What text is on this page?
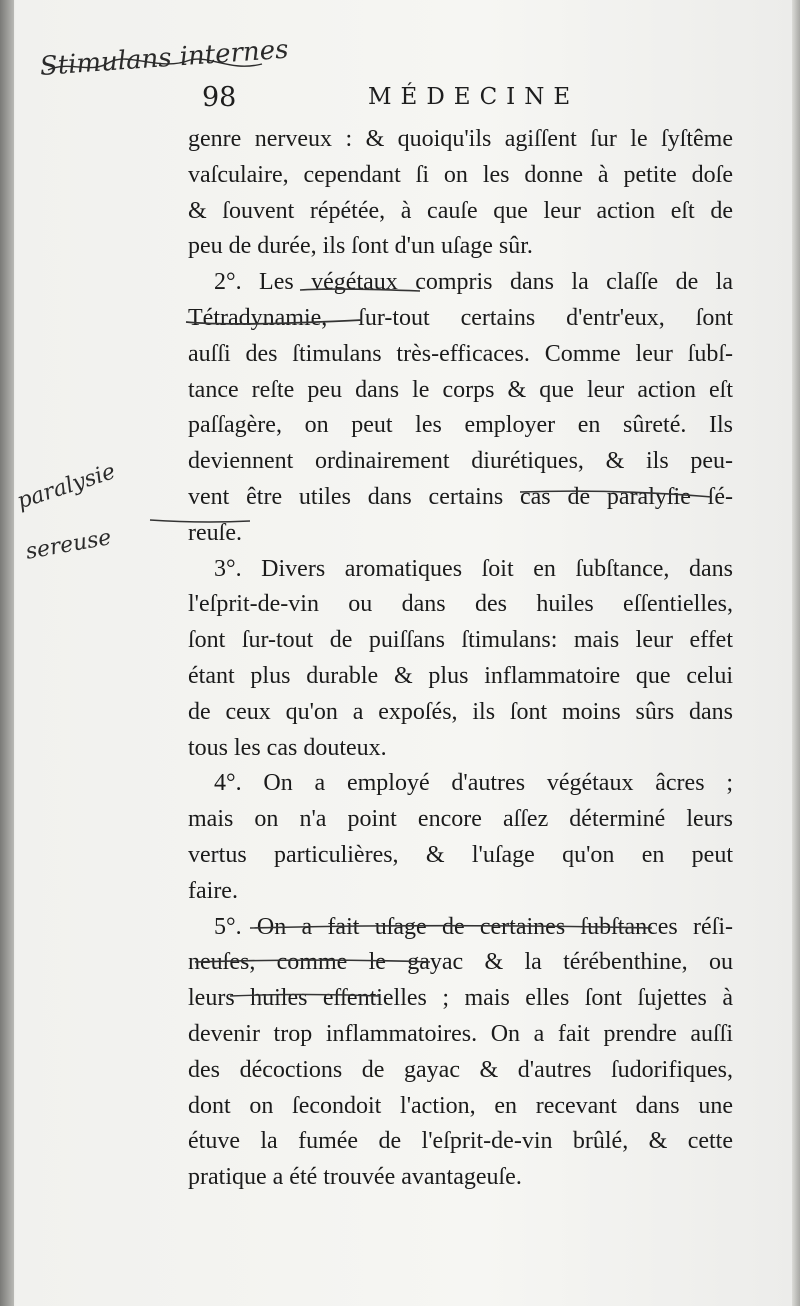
Stimulans internes
paralysie
sereuse
98	MÉDECINE
genre nerveux : & quoiqu'ils agiſſent ſur le ſyſtême
vaſculaire, cependant ſi on les donne à petite doſe
& ſouvent répétée, à cauſe que leur action eſt de
peu de durée, ils ſont d'un uſage sûr.
2°. Les végétaux compris dans la claſſe de la
Tétradynamie, ſur-tout certains d'entr'eux, ſont
auſſi des ſtimulans très-efficaces. Comme leur ſubſ-
tance reſte peu dans le corps & que leur action eſt
paſſagère, on peut les employer en sûreté. Ils
deviennent ordinairement diurétiques, & ils peu-
vent être utiles dans certains cas de paralyſie ſé-
reuſe.
3°. Divers aromatiques ſoit en ſubſtance, dans
l'eſprit-de-vin ou dans des huiles eſſentielles,
ſont ſur-tout de puiſſans ſtimulans: mais leur effet
étant plus durable & plus inflammatoire que celui
de ceux qu'on a expoſés, ils ſont moins sûrs dans
tous les cas douteux.
4°. On a employé d'autres végétaux âcres ;
mais on n'a point encore aſſez déterminé leurs
vertus particulières, & l'uſage qu'on en peut
faire.
5°. On a fait uſage de certaines ſubſtances réſi-
neuſes, comme le gayac & la térébenthine, ou
leurs huiles eſſentielles ; mais elles ſont ſujettes à
devenir trop inflammatoires. On a fait prendre auſſi
des décoctions de gayac & d'autres ſudorifiques,
dont on ſecondoit l'action, en recevant dans une
étuve la fumée de l'eſprit-de-vin brûlé, & cette
pratique a été trouvée avantageuſe.
